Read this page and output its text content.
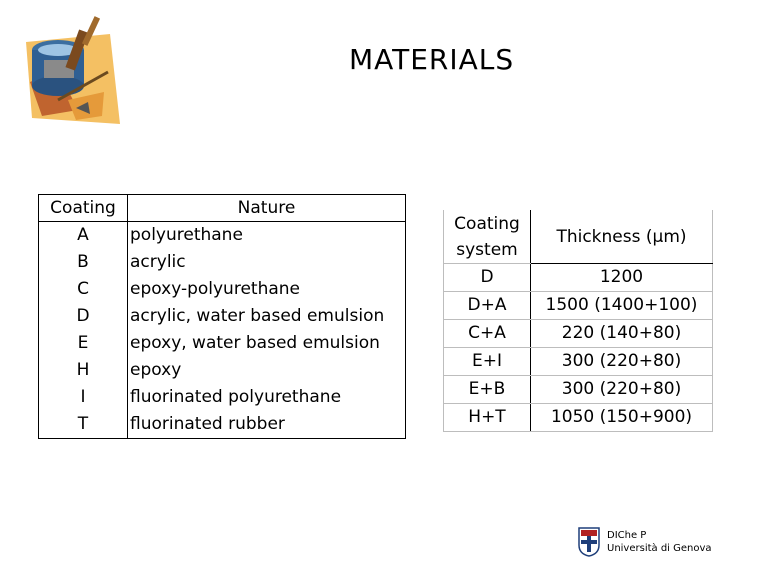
MATERIALS
Coating	Nature
A	polyurethane
B	acrylic
C	epoxy-polyurethane
D	acrylic, water based emulsion
E	epoxy, water based emulsion
H	epoxy
I	fluorinated polyurethane
T	fluorinated rubber
Coating
system	Thickness (μm)
D	1200
D+A	1500 (1400+100)
C+A	220 (140+80)
E+I	300 (220+80)
E+B	300 (220+80)
H+T	1050 (150+900)
DIChe P
Università di Genova
